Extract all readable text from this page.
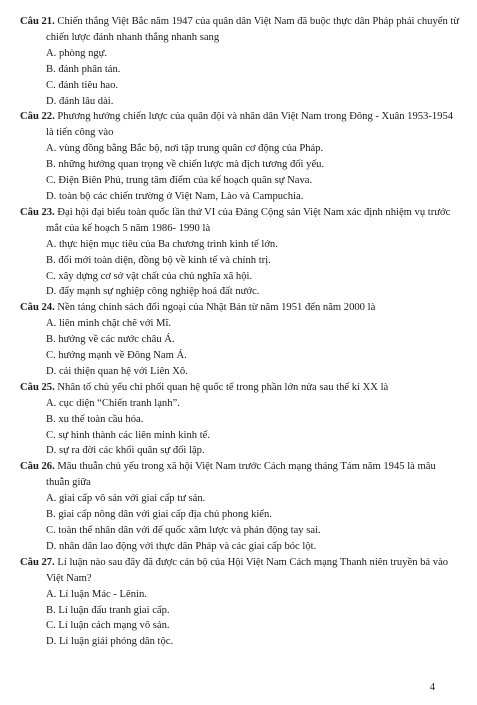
Câu 21. Chiến thắng Việt Bắc năm 1947 của quân dân Việt Nam đã buộc thực dân Pháp phải chuyển từ chiến lược đánh nhanh thắng nhanh sang
A. phòng ngự.
B. đánh phân tán.
C. đánh tiêu hao.
D. đánh lâu dài.
Câu 22. Phương hướng chiến lược của quân đội và nhân dân Việt Nam trong Đông - Xuân 1953-1954 là tiến công vào
A. vùng đồng bằng Bắc bộ, nơi tập trung quân cơ động của Pháp.
B. những hướng quan trọng về chiến lược mà địch tương đối yếu.
C. Điện Biên Phủ, trung tâm điểm của kế hoạch quân sự Nava.
D. toàn bộ các chiến trường ở Việt Nam, Lào và Campuchia.
Câu 23. Đại hội đại biểu toàn quốc lần thứ VI của Đảng Cộng sản Việt Nam xác định nhiệm vụ trước mắt của kế hoạch 5 năm 1986- 1990 là
A. thực hiện mục tiêu của Ba chương trình kinh tế lớn.
B. đổi mới toàn diện, đồng bộ về kinh tế và chính trị.
C. xây dựng cơ sở vật chất của chủ nghĩa xã hội.
D. đẩy mạnh sự nghiệp công nghiệp hoá đất nước.
Câu 24. Nền tảng chính sách đối ngoại của Nhật Bản từ năm 1951 đến năm 2000 là
A. liên minh chặt chẽ với Mĩ.
B. hướng về các nước châu Á.
C. hướng mạnh về Đông Nam Á.
D. cải thiện quan hệ với Liên Xô.
Câu 25. Nhân tố chủ yếu chi phối quan hệ quốc tế trong phần lớn nửa sau thế kỉ XX là
A. cục diện “Chiến tranh lạnh”.
B. xu thế toàn cầu hóa.
C. sự hình thành các liên minh kinh tế.
D. sự ra đời các khối quân sự đối lập.
Câu 26. Mâu thuẫn chủ yếu trong xã hội Việt Nam trước Cách mạng tháng Tám năm 1945 là mâu thuẫn giữa
A. giai cấp vô sản với giai cấp tư sản.
B. giai cấp nông dân với giai cấp địa chủ phong kiến.
C. toàn thể nhân dân với đế quốc xâm lược và phản động tay sai.
D. nhân dân lao động với thực dân Pháp và các giai cấp bóc lột.
Câu 27. Lí luận nào sau đây đã được cán bộ của Hội Việt Nam Cách mạng Thanh niên truyền bá vào Việt Nam?
A. Lí luận Mác - Lênin.
B. Lí luận đấu tranh giai cấp.
C. Lí luận cách mạng vô sản.
D. Lí luận giải phóng dân tộc.
4
